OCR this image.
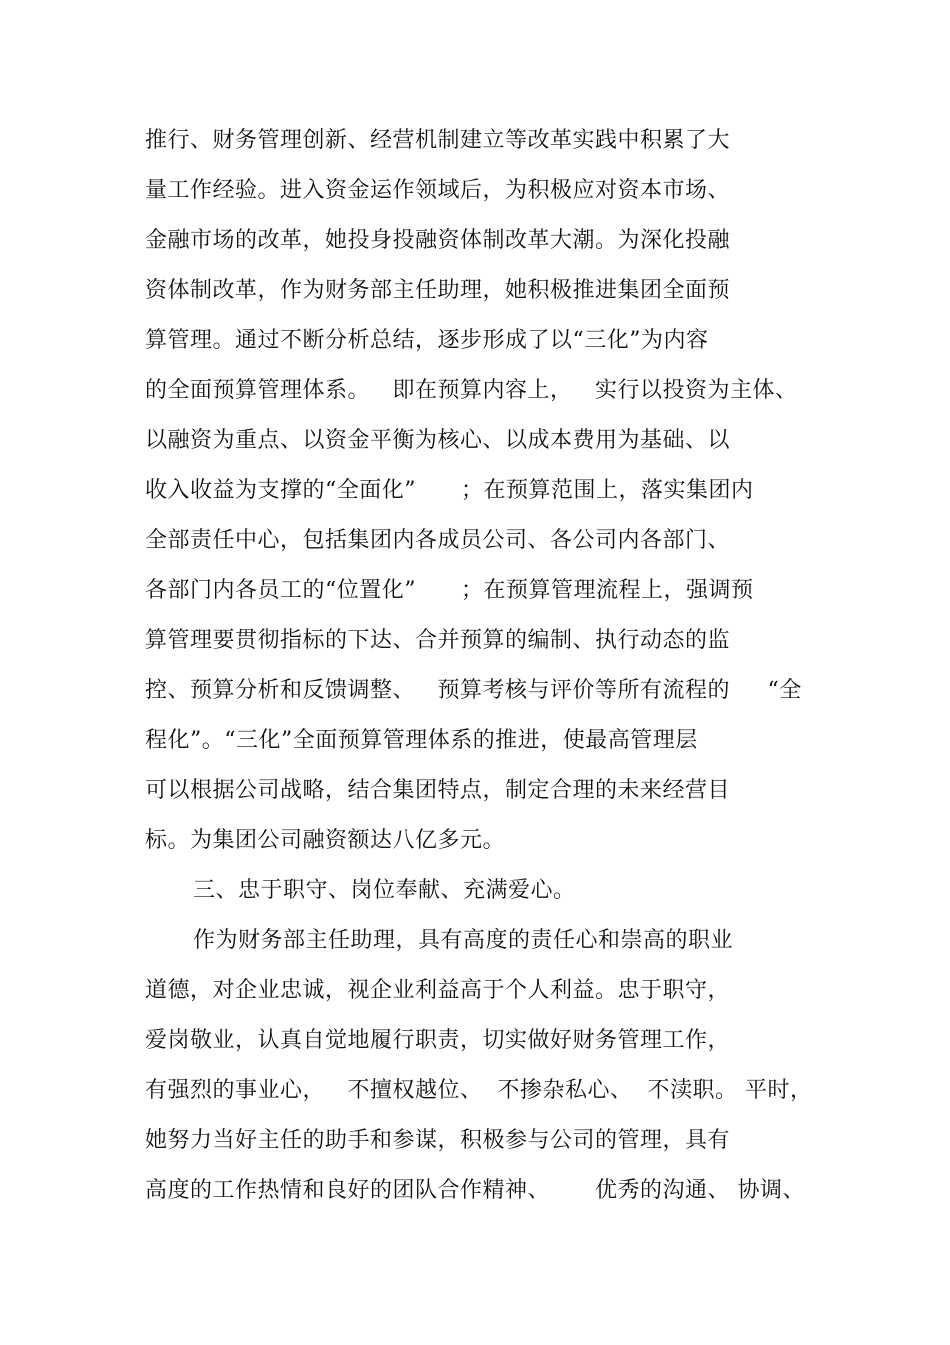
推行、财务管理创新、经营机制建立等改革实践中积累了大
量工作经验。进入资金运作领域后，为积极应对资本市场、
金融市场的改革，她投身投融资体制改革大潮。为深化投融
资体制改革，作为财务部主任助理，她积极推进集团全面预
算管理。通过不断分析总结，逐步形成了以“三化”为内容
的全面预算管理体系。   即在预算内容上，   实行以投资为主体、
以融资为重点、以资金平衡为核心、以成本费用为基础、以
收入收益为支撑的“全面化”      ；在预算范围上，落实集团内
全部责任中心，包括集团内各成员公司、各公司内各部门、
各部门内各员工的“位置化”      ；在预算管理流程上，强调预
算管理要贯彻指标的下达、合并预算的编制、执行动态的监
控、预算分析和反馈调整、   预算考核与评价等所有流程的     “全
程化”。“三化”全面预算管理体系的推进，使最高管理层
可以根据公司战略，结合集团特点，制定合理的未来经营目
标。为集团公司融资额达八亿多元。
三、忠于职守、岗位奉献、充满爱心。
作为财务部主任助理，具有高度的责任心和崇高的职业
道德，对企业忠诚，视企业利益高于个人利益。忠于职守，
爱岗敬业，认真自觉地履行职责，切实做好财务管理工作，
有强烈的事业心，   不擅权越位、  不掺杂私心、  不渎职。 平时，
她努力当好主任的助手和参谋，积极参与公司的管理，具有
高度的工作热情和良好的团队合作精神、      优秀的沟通、 协调、
